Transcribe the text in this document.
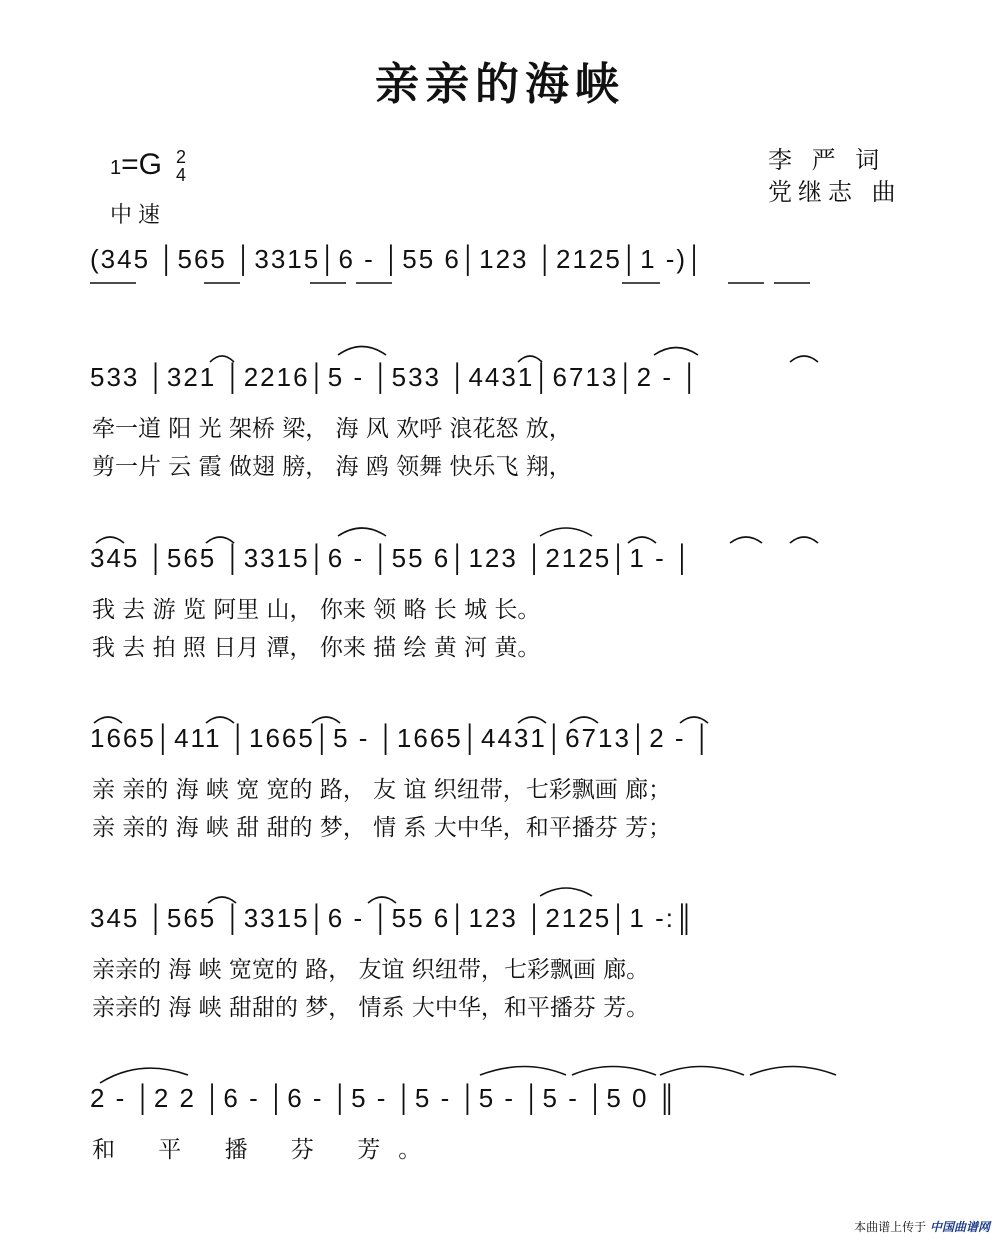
亲亲的海峡
李 严 词
党继志 曲
1=G 2
4
中速
(345 │565 │3315│6 - │55 6│123 │2125│1 -)│
533 │321 │2216│5 - │533 │4431│6713│2 - │
牵一道 阳 光 架桥 梁， 海 风 欢呼 浪花怒 放，
剪一片 云 霞 做翅 膀， 海 鸥 领舞 快乐飞 翔，
345 │565 │3315│6 - │55 6│123 │2125│1 - │
我 去 游 览 阿里 山， 你来 领 略 长 城 长。
我 去 拍 照 日月 潭， 你来 描 绘 黄 河 黄。
1665│411 │1665│5 - │1665│4431│6713│2 - │
亲 亲的 海 峡 宽 宽的 路， 友 谊 织纽带，七彩飘画 廊；
亲 亲的 海 峡 甜 甜的 梦， 情 系 大中华，和平播芬 芳；
345 │565 │3315│6 - │55 6│123 │2125│1 -:║
亲亲的 海 峡 宽宽的 路， 友谊 织纽带，七彩飘画 廊。
亲亲的 海 峡 甜甜的 梦， 情系 大中华，和平播芬 芳。
2 - │2 2 │6 - │6 - │5 - │5 - │5 - │5 - │5 0 ║
和 平 播 芬 芳。
本曲谱上传于 中国曲谱网
